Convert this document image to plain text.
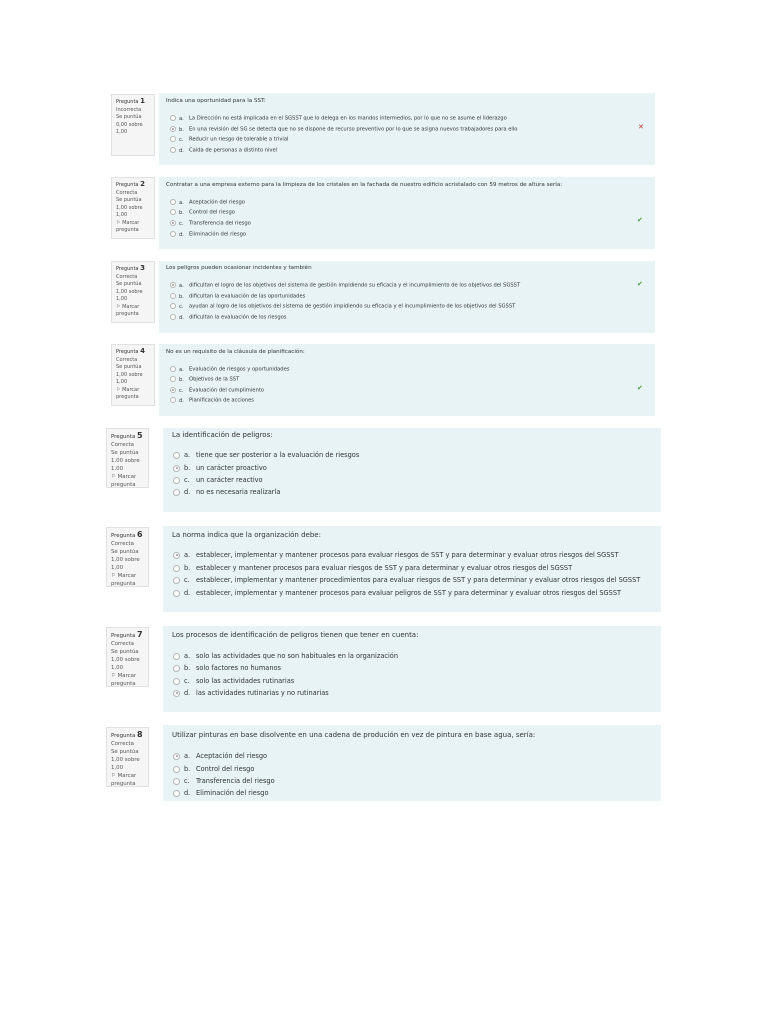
Pregunta 1
Incorrecta
Se puntúa 0,00 sobre 1,00
Indica una oportunidad para la SST:
a. La Dirección no está implicada en el SGSST que lo delega en los mandos intermedios, por lo que no se asume el liderazgo
b. En una revisión del SG se detecta que no se dispone de recurso preventivo por lo que se asigna nuevos trabajadores para ello
c. Reducir un riesgo de tolerable a trivial
d. Caída de personas a distinto nivel
✕
Pregunta 2
Correcta
Se puntúa 1,00 sobre 1,00
⚐ Marcar pregunta
Contratar a una empresa externo para la limpieza de los cristales en la fachada de nuestro edificio acristalado con 59 metros de altura sería:
a. Aceptación del riesgo
b. Control del riesgo
c. Transferencia del riesgo
d. Eliminación del riesgo
✔
Pregunta 3
Correcta
Se puntúa 1,00 sobre 1,00
⚐ Marcar pregunta
Los peligros pueden ocasionar incidentes y también
a. dificultan el logro de los objetivos del sistema de gestión impidiendo su eficacia y el incumplimiento de los objetivos del SGSST
b. dificultan la evaluación de las oportunidades
c. ayudan al logro de los objetivos del sistema de gestión impidiendo su eficacia y el incumplimiento de los objetivos del SGSST
d. dificultan la evaluación de los riesgos
✔
Pregunta 4
Correcta
Se puntúa 1,00 sobre 1,00
⚐ Marcar pregunta
No es un requisito de la cláusula de planificación:
a. Evaluación de riesgos y oportunidades
b. Objetivos de la SST
c. Evaluación del cumplimiento
d. Planificación de acciones
✔
Pregunta 5
Correcta
Se puntúa 1,00 sobre 1,00
⚐ Marcar pregunta
La identificación de peligros:
a. tiene que ser posterior a la evaluación de riesgos
b. un carácter proactivo
c. un carácter reactivo
d. no es necesaria realizarla
Pregunta 6
Correcta
Se puntúa 1,00 sobre 1,00
⚐ Marcar pregunta
La norma indica que la organización debe:
a. establecer, implementar y mantener procesos para evaluar riesgos de SST y para determinar y evaluar otros riesgos del SGSST
b. establecer y mantener procesos para evaluar riesgos de SST y para determinar y evaluar otros riesgos del SGSST
c. establecer, implementar y mantener procedimientos para evaluar riesgos de SST y para determinar y evaluar otros riesgos del SGSST
d. establecer, implementar y mantener procesos para evaluar peligros de SST y para determinar y evaluar otros riesgos del SGSST
Pregunta 7
Correcta
Se puntúa 1,00 sobre 1,00
⚐ Marcar pregunta
Los procesos de identificación de peligros tienen que tener en cuenta:
a. solo las actividades que no son habituales en la organización
b. solo factores no humanos
c. solo las actividades rutinarias
d. las actividades rutinarias y no rutinarias
Pregunta 8
Correcta
Se puntúa 1,00 sobre 1,00
⚐ Marcar pregunta
Utilizar pinturas en base disolvente en una cadena de produción en vez de pintura en base agua, sería:
a. Aceptación del riesgo
b. Control del riesgo
c. Transferencia del riesgo
d. Eliminación del riesgo
